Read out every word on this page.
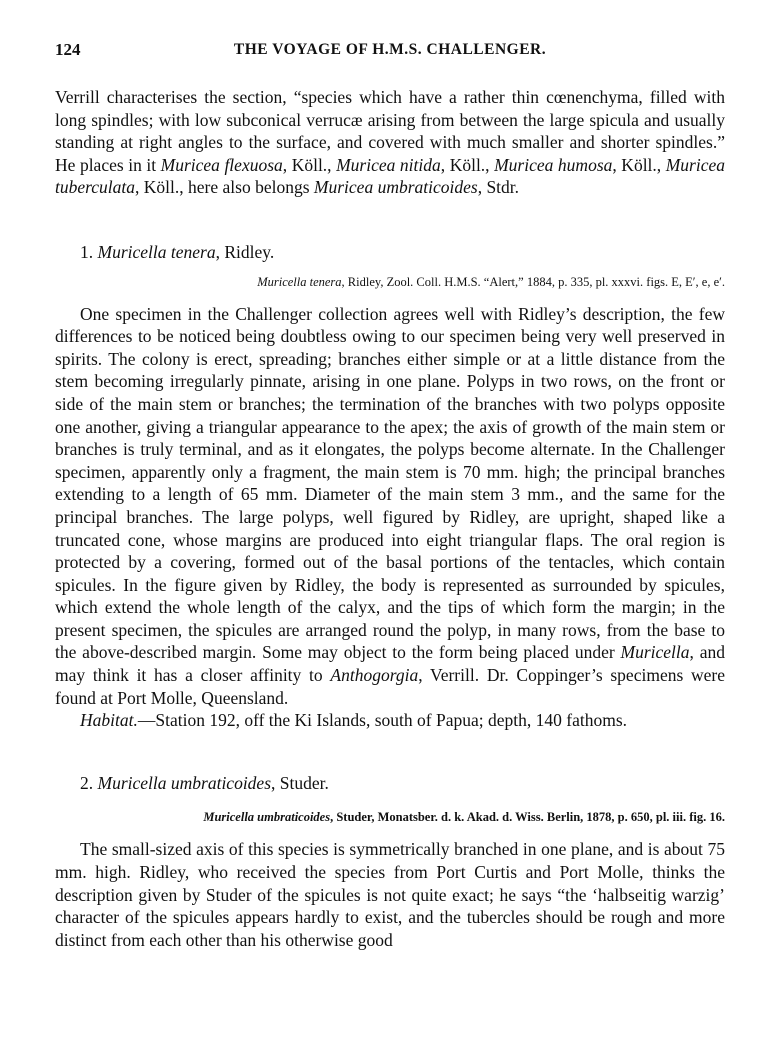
124	THE VOYAGE OF H.M.S. CHALLENGER.

Verrill characterises the section, “species which have a rather thin cœnenchyma, filled with long spindles; with low subconical verrucæ arising from between the large spicula and usually standing at right angles to the surface, and covered with much smaller and shorter spindles.” He places in it Muricea flexuosa, Köll., Muricea nitida, Köll., Muricea humosa, Köll., Muricea tuberculata, Köll., here also belongs Muricea umbraticoides, Stdr.

1. Muricella tenera, Ridley.

Muricella tenera, Ridley, Zool. Coll. H.M.S. “Alert,” 1884, p. 335, pl. xxxvi. figs. E, E′, e, e′.

One specimen in the Challenger collection agrees well with Ridley’s description, the few differences to be noticed being doubtless owing to our specimen being very well preserved in spirits. The colony is erect, spreading; branches either simple or at a little distance from the stem becoming irregularly pinnate, arising in one plane. Polyps in two rows, on the front or side of the main stem or branches; the termination of the branches with two polyps opposite one another, giving a triangular appearance to the apex; the axis of growth of the main stem or branches is truly terminal, and as it elongates, the polyps become alternate. In the Challenger specimen, apparently only a fragment, the main stem is 70 mm. high; the principal branches extending to a length of 65 mm. Diameter of the main stem 3 mm., and the same for the principal branches. The large polyps, well figured by Ridley, are upright, shaped like a truncated cone, whose margins are produced into eight triangular flaps. The oral region is protected by a covering, formed out of the basal portions of the tentacles, which contain spicules. In the figure given by Ridley, the body is represented as surrounded by spicules, which extend the whole length of the calyx, and the tips of which form the margin; in the present specimen, the spicules are arranged round the polyp, in many rows, from the base to the above-described margin. Some may object to the form being placed under Muricella, and may think it has a closer affinity to Anthogorgia, Verrill. Dr. Coppinger’s specimens were found at Port Molle, Queensland.

Habitat.—Station 192, off the Ki Islands, south of Papua; depth, 140 fathoms.

2. Muricella umbraticoides, Studer.

Muricella umbraticoides, Studer, Monatsber. d. k. Akad. d. Wiss. Berlin, 1878, p. 650, pl. iii. fig. 16.

The small-sized axis of this species is symmetrically branched in one plane, and is about 75 mm. high. Ridley, who received the species from Port Curtis and Port Molle, thinks the description given by Studer of the spicules is not quite exact; he says “the ‘halbseitig warzig’ character of the spicules appears hardly to exist, and the tubercles should be rough and more distinct from each other than his otherwise good
